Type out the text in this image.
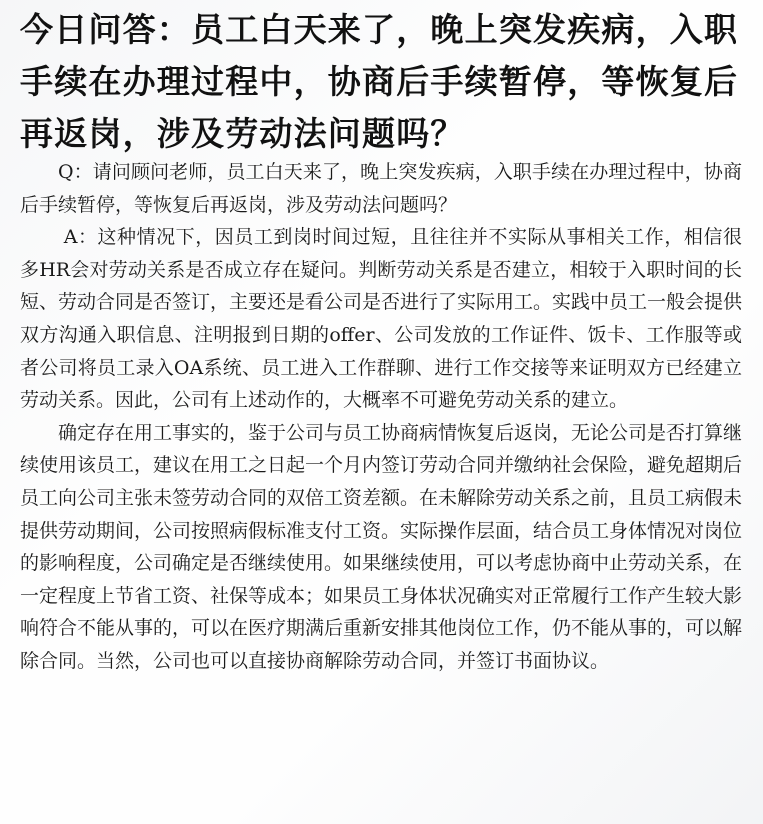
今日问答：员工白天来了，晚上突发疾病，入职手续在办理过程中，协商后手续暂停，等恢复后再返岗，涉及劳动法问题吗？

Q：请问顾问老师，员工白天来了，晚上突发疾病，入职手续在办理过程中，协商后手续暂停，等恢复后再返岗，涉及劳动法问题吗？

A：这种情况下，因员工到岗时间过短，且往往并不实际从事相关工作，相信很多HR会对劳动关系是否成立存在疑问。判断劳动关系是否建立，相较于入职时间的长短、劳动合同是否签订，主要还是看公司是否进行了实际用工。实践中员工一般会提供双方沟通入职信息、注明报到日期的offer、公司发放的工作证件、饭卡、工作服等或者公司将员工录入OA系统、员工进入工作群聊、进行工作交接等来证明双方已经建立劳动关系。因此，公司有上述动作的，大概率不可避免劳动关系的建立。

确定存在用工事实的，鉴于公司与员工协商病情恢复后返岗，无论公司是否打算继续使用该员工，建议在用工之日起一个月内签订劳动合同并缴纳社会保险，避免超期后员工向公司主张未签劳动合同的双倍工资差额。在未解除劳动关系之前，且员工病假未提供劳动期间，公司按照病假标准支付工资。实际操作层面，结合员工身体情况对岗位的影响程度，公司确定是否继续使用。如果继续使用，可以考虑协商中止劳动关系，在一定程度上节省工资、社保等成本；如果员工身体状况确实对正常履行工作产生较大影响符合不能从事的，可以在医疗期满后重新安排其他岗位工作，仍不能从事的，可以解除合同。当然，公司也可以直接协商解除劳动合同，并签订书面协议。
